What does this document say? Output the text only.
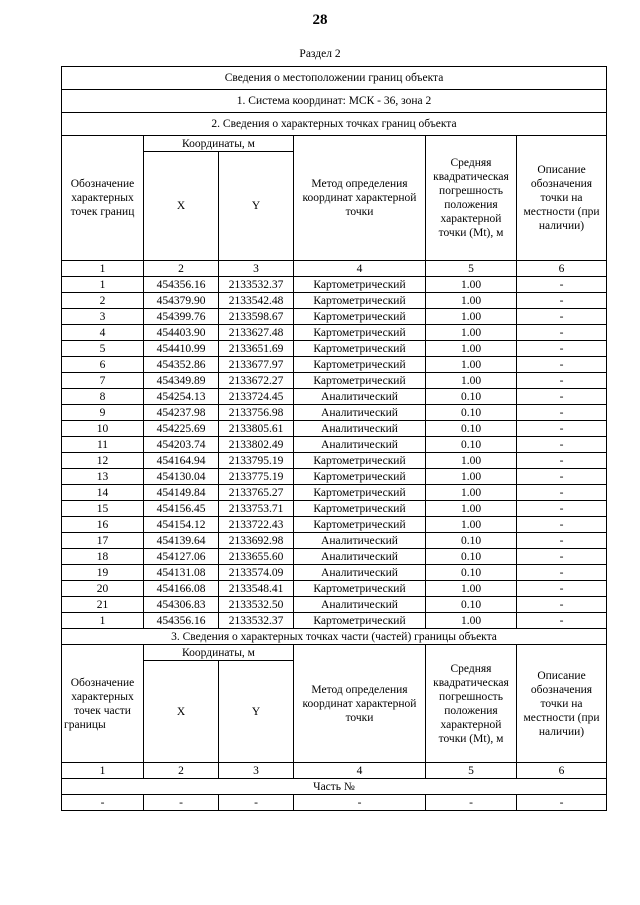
28
Раздел 2
Сведения о местоположении границ объекта					
1. Система координат: МСК - 36, зона 2					
2. Сведения о характерных точках границ объекта					
Обозначение характерных точек границ	Координаты, м		Метод определения координат характерной точки	Средняя квадратическая погрешность положения характерной точки (Mt), м	Описание обозначения точки на местности (при наличии)
	X	Y			
1	2	3	4	5	6
1	454356.16	2133532.37	Картометрический	1.00	-
2	454379.90	2133542.48	Картометрический	1.00	-
3	454399.76	2133598.67	Картометрический	1.00	-
4	454403.90	2133627.48	Картометрический	1.00	-
5	454410.99	2133651.69	Картометрический	1.00	-
6	454352.86	2133677.97	Картометрический	1.00	-
7	454349.89	2133672.27	Картометрический	1.00	-
8	454254.13	2133724.45	Аналитический	0.10	-
9	454237.98	2133756.98	Аналитический	0.10	-
10	454225.69	2133805.61	Аналитический	0.10	-
11	454203.74	2133802.49	Аналитический	0.10	-
12	454164.94	2133795.19	Картометрический	1.00	-
13	454130.04	2133775.19	Картометрический	1.00	-
14	454149.84	2133765.27	Картометрический	1.00	-
15	454156.45	2133753.71	Картометрический	1.00	-
16	454154.12	2133722.43	Картометрический	1.00	-
17	454139.64	2133692.98	Аналитический	0.10	-
18	454127.06	2133655.60	Аналитический	0.10	-
19	454131.08	2133574.09	Аналитический	0.10	-
20	454166.08	2133548.41	Картометрический	1.00	-
21	454306.83	2133532.50	Аналитический	0.10	-
1	454356.16	2133532.37	Картометрический	1.00	-
3. Сведения о характерных точках части (частей) границы объекта					
Обозначение характерных точек части границы	Координаты, м		Метод определения координат характерной точки	Средняя квадратическая погрешность положения характерной точки (Mt), м	Описание обозначения точки на местности (при наличии)
	X	Y			
1	2	3	4	5	6
Часть №					
-	-	-	-	-	-
